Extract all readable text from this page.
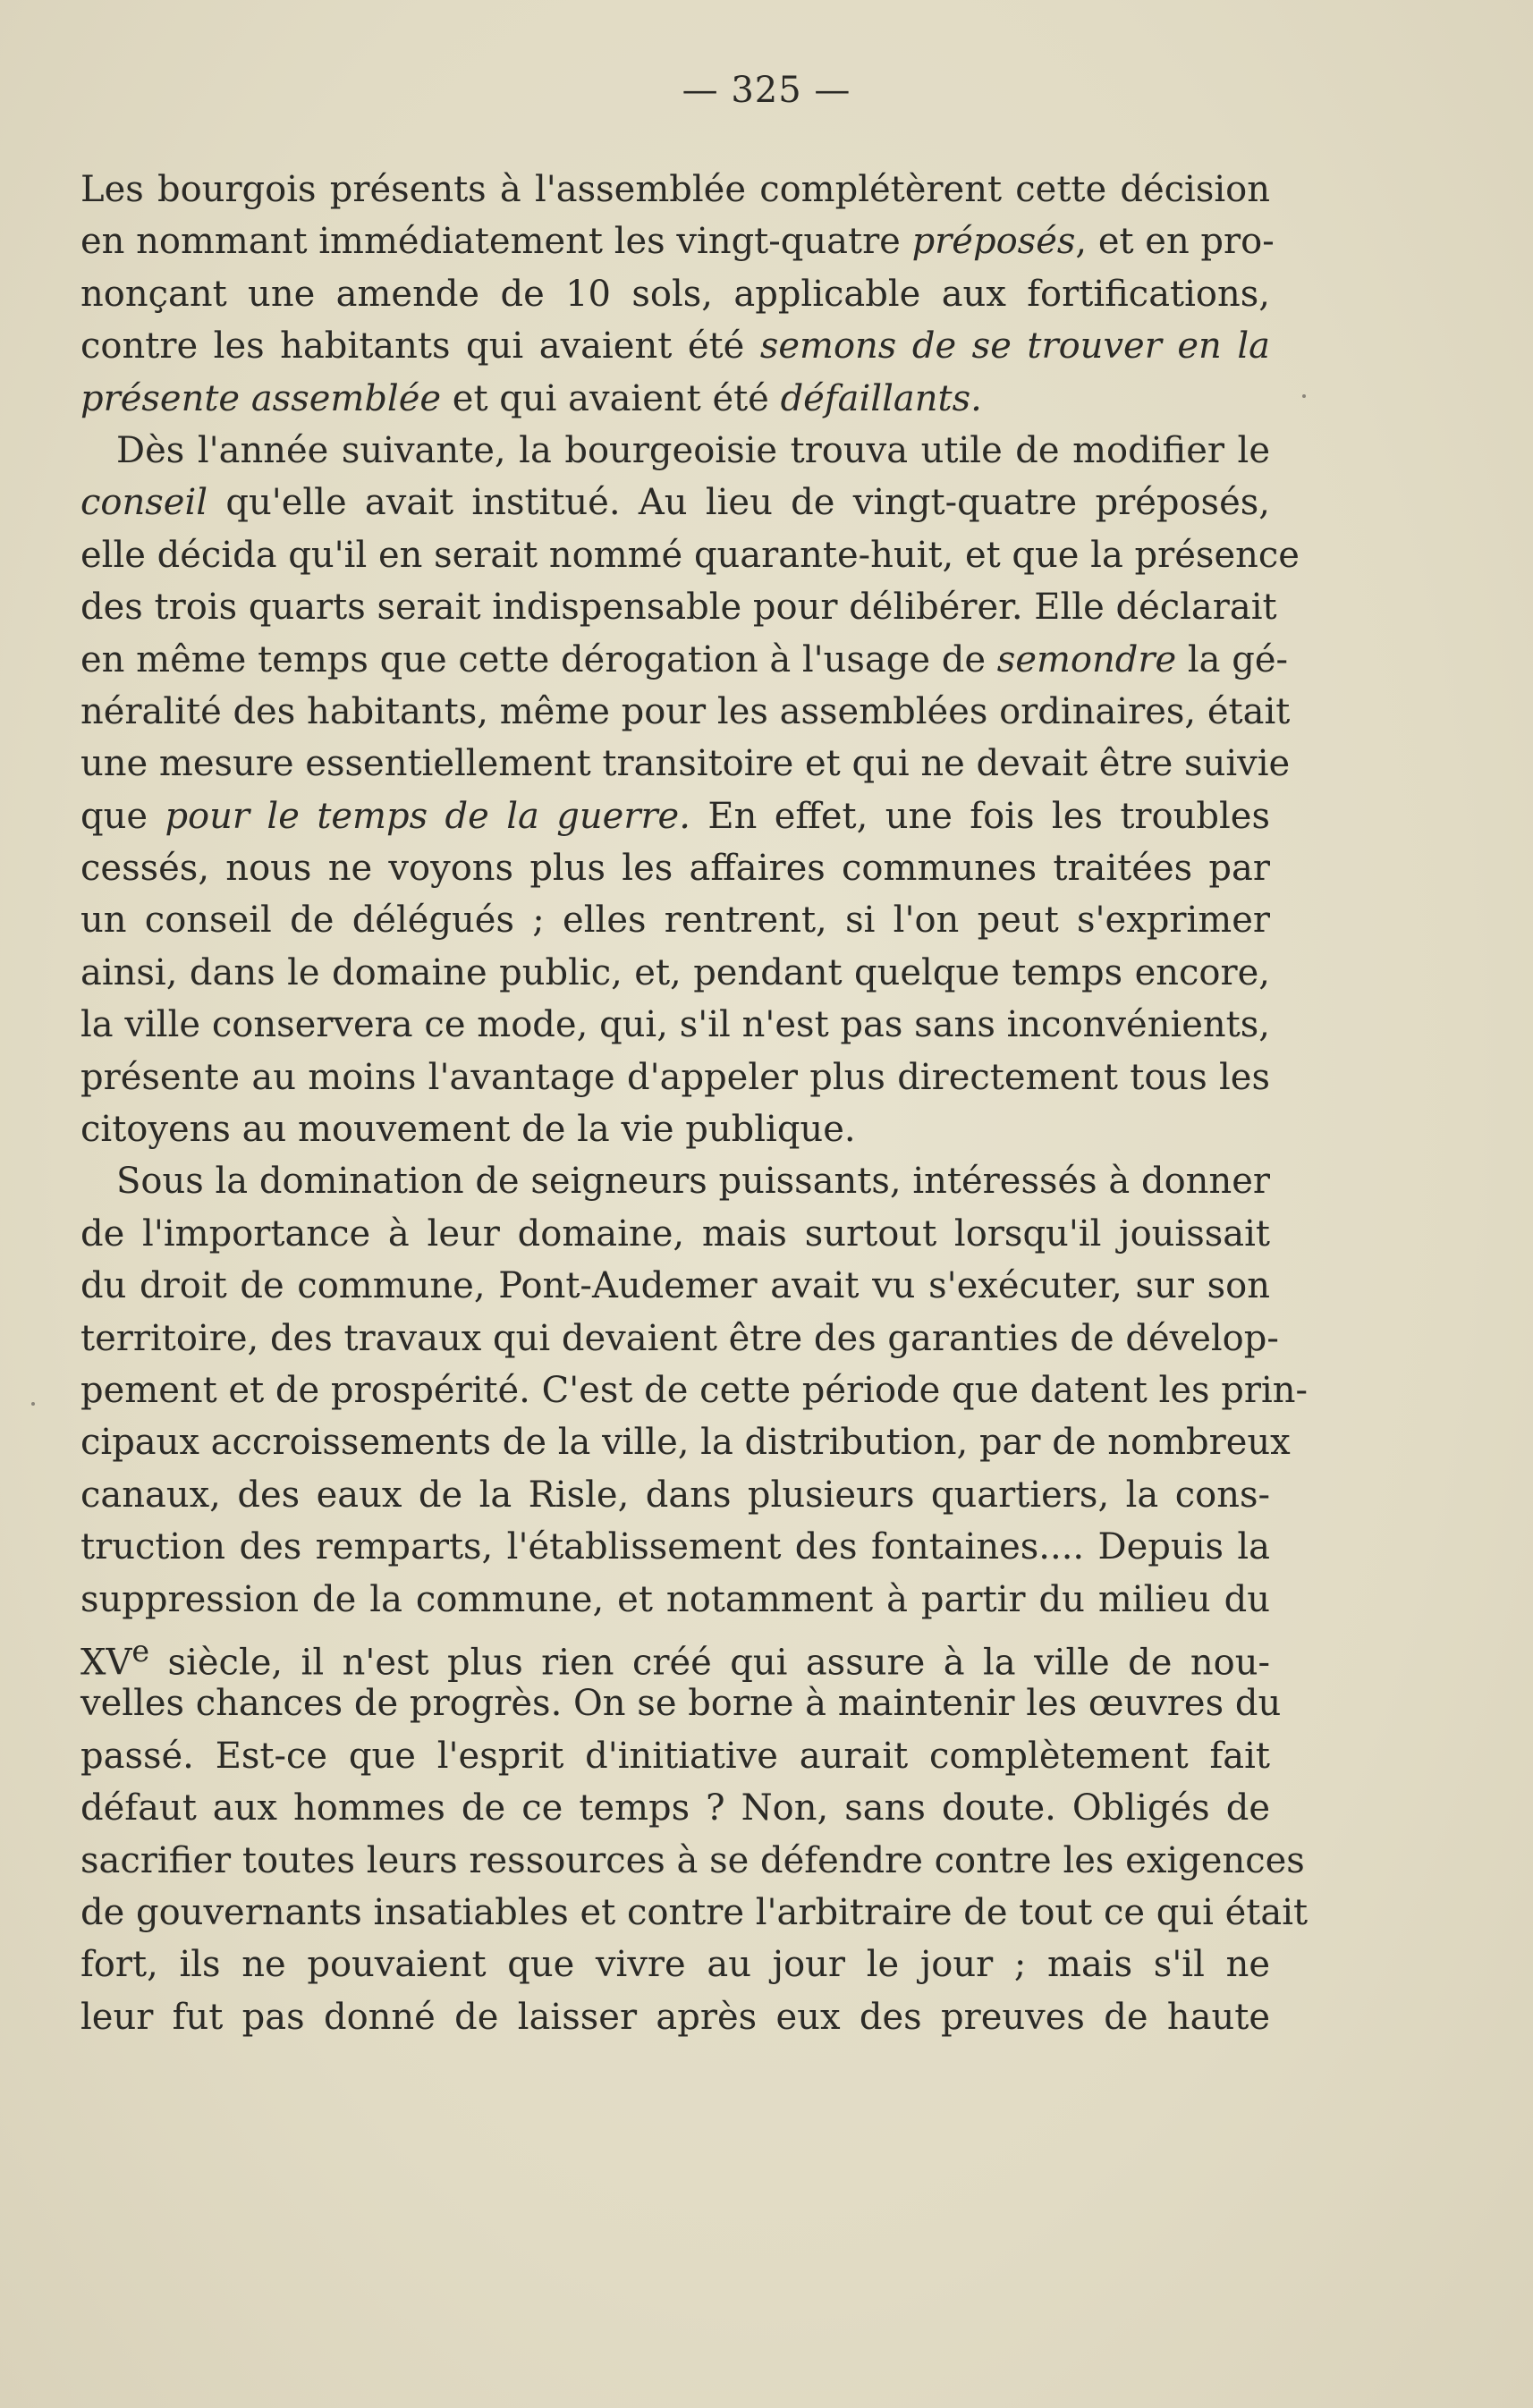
— 325 —
Les bourgois présents à l'assemblée complétèrent cette décision
en nommant immédiatement les vingt-quatre préposés, et en pro-
nonçant une amende de 10 sols, applicable aux fortifications,
contre les habitants qui avaient été semons de se trouver en la
présente assemblée et qui avaient été défaillants.
Dès l'année suivante, la bourgeoisie trouva utile de modifier le
conseil qu'elle avait institué. Au lieu de vingt-quatre préposés,
elle décida qu'il en serait nommé quarante-huit, et que la présence
des trois quarts serait indispensable pour délibérer. Elle déclarait
en même temps que cette dérogation à l'usage de semondre la gé-
néralité des habitants, même pour les assemblées ordinaires, était
une mesure essentiellement transitoire et qui ne devait être suivie
que pour le temps de la guerre. En effet, une fois les troubles
cessés, nous ne voyons plus les affaires communes traitées par
un conseil de délégués ; elles rentrent, si l'on peut s'exprimer
ainsi, dans le domaine public, et, pendant quelque temps encore,
la ville conservera ce mode, qui, s'il n'est pas sans inconvénients,
présente au moins l'avantage d'appeler plus directement tous les
citoyens au mouvement de la vie publique.
Sous la domination de seigneurs puissants, intéressés à donner
de l'importance à leur domaine, mais surtout lorsqu'il jouissait
du droit de commune, Pont-Audemer avait vu s'exécuter, sur son
territoire, des travaux qui devaient être des garanties de dévelop-
pement et de prospérité. C'est de cette période que datent les prin-
cipaux accroissements de la ville, la distribution, par de nombreux
canaux, des eaux de la Risle, dans plusieurs quartiers, la cons-
truction des remparts, l'établissement des fontaines.... Depuis la
suppression de la commune, et notamment à partir du milieu du
XVe siècle, il n'est plus rien créé qui assure à la ville de nou-
velles chances de progrès. On se borne à maintenir les œuvres du
passé. Est-ce que l'esprit d'initiative aurait complètement fait
défaut aux hommes de ce temps ? Non, sans doute. Obligés de
sacrifier toutes leurs ressources à se défendre contre les exigences
de gouvernants insatiables et contre l'arbitraire de tout ce qui était
fort, ils ne pouvaient que vivre au jour le jour ; mais s'il ne
leur fut pas donné de laisser après eux des preuves de haute
